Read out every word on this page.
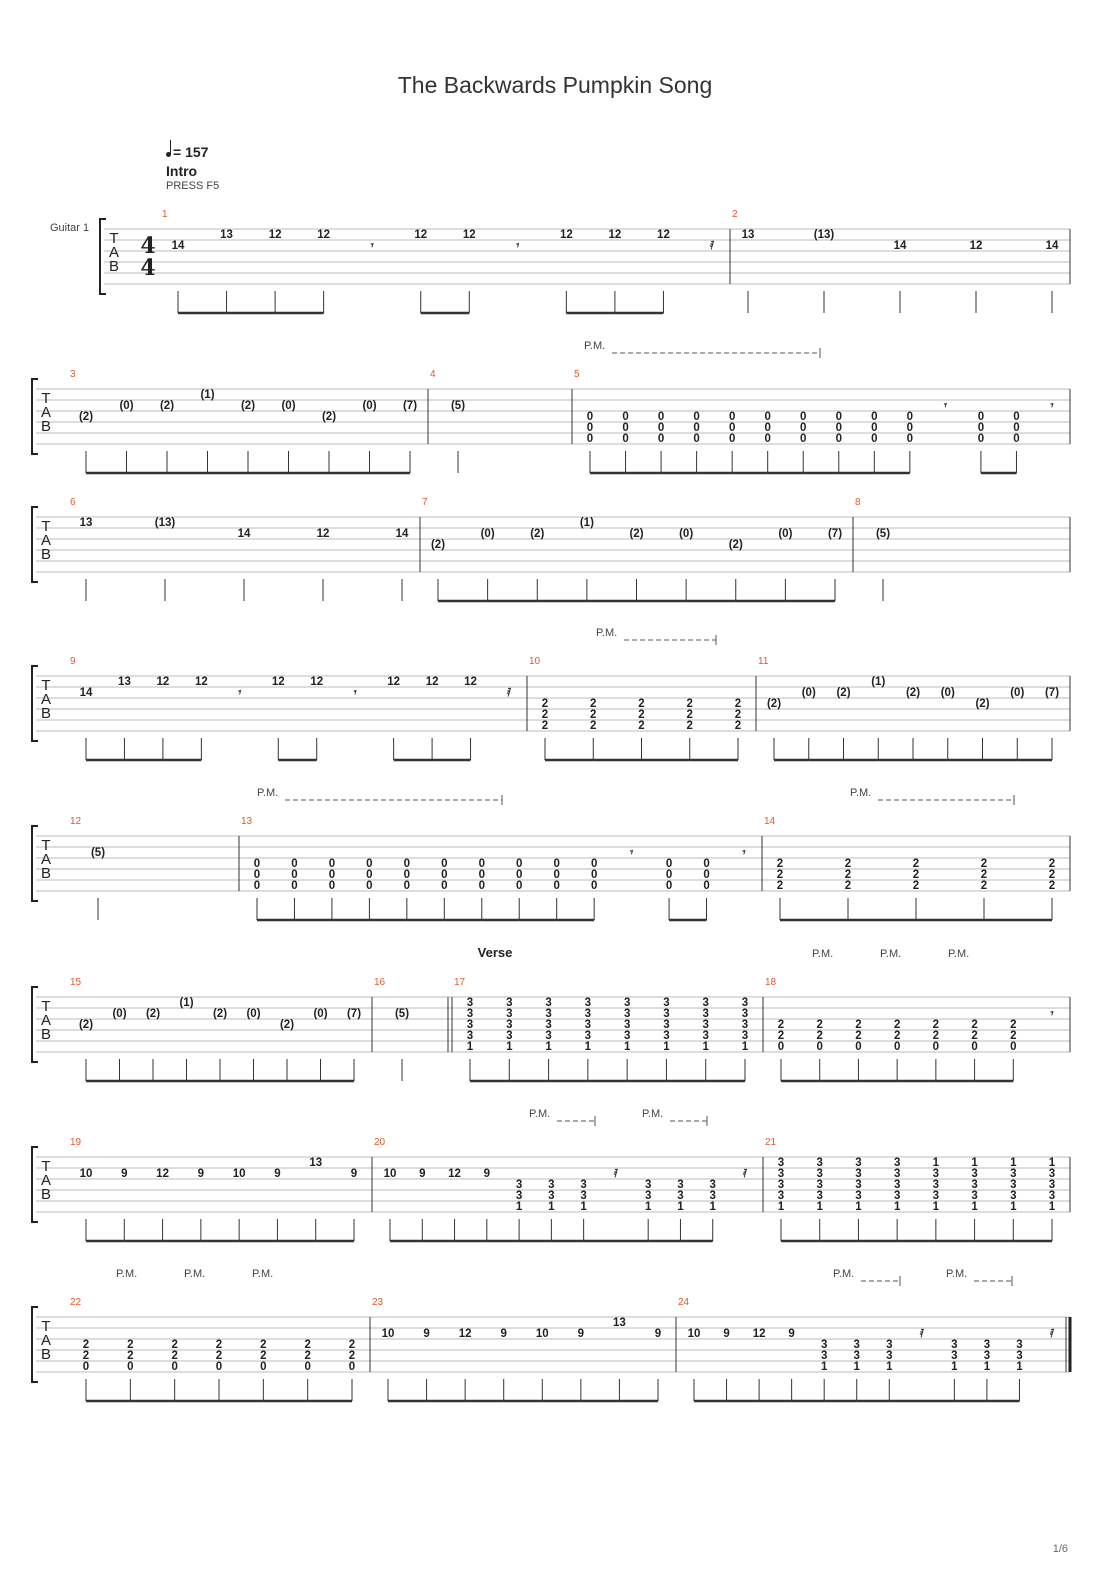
The Backwards Pumpkin Song
= 157
Intro
PRESS F5
Guitar 1
T
A
B
4
4
1
14
13	12	12
𝄾
12	12
𝄾
12	12	12
𝅀
2
13	(13)
14	12	14
T
A
B
P.M.
3
(2)
(0) (2)
(1)
(2) (0)
(2)
(0) (7)
4
(5)
5
0
0
0
0
0
0
0
0
0
0
0
0
0
0
0
0
0
0
0
0
0
0
0
0
0
0
0
0
0
0
𝄾
0
0
0
0
0
0
𝄾
T
A
B
6
13	(13)
14	12	14
7
(2)
(0)	(2)
(1)
(2)	(0)
(2)
(0)	(7)
8
(5)
T
A
B
P.M.
9
14
13 12 12
𝄾
12 12
𝄾
12 12 12
𝅀
10
2
2
2
2
2
2
2
2
2
2
2
2
2
2
2
11
(2)
(0) (2)
(1)
(2) (0)
(2)
(0) (7)
T
A
B
P.M.	P.M.
12
(5)
13
0
0
0
0
0
0
0
0
0
0
0
0
0
0
0
0
0
0
0
0
0
0
0
0
0
0
0
0
0
0
𝄾
0
0
0
0
0
0
𝄾
14
2
2
2
2
2
2
2
2
2
2
2
2
2
2
2
T
A
B
Verse	P.M.	P.M.	P.M.
15
(2)
(0) (2)
(1)
(2) (0)
(2)
(0) (7)
16
(5)
17
3
3
3
3
1
3
3
3
3
1
3
3
3
3
1
3
3
3
3
1
3
3
3
3
1
3
3
3
3
1
3
3
3
3
1
3
3
3
3
1
18
2
2
0
2
2
0
2
2
0
2
2
0
2
2
0
2
2
0
2
2
0
𝄾
T
A
B
P.M.	P.M.
19
10 9 12 9 10 9
13
9
20
10 9 12 9
3
3
1
3
3
1
3
3
1
𝅀
3
3
1
3
3
1
3
3
1
𝅀
21
3
3
3
3
1
3
3
3
3
1
3
3
3
3
1
3
3
3
3
1
1
3
3
3
1
1
3
3
3
1
1
3
3
3
1
1
3
3
3
1
T
A
B
P.M.	P.M.
P.M.	P.M.	P.M.
22
2
2
0
2
2
0
2
2
0
2
2
0
2
2
0
2
2
0
2
2
0
23
10	9	12	9	10	9
13
9
24
10 9 12 9
3
3
1
3
3
1
3
3
1
𝅀
3
3
1
3
3
1
3
3
1
𝅀
1/6
